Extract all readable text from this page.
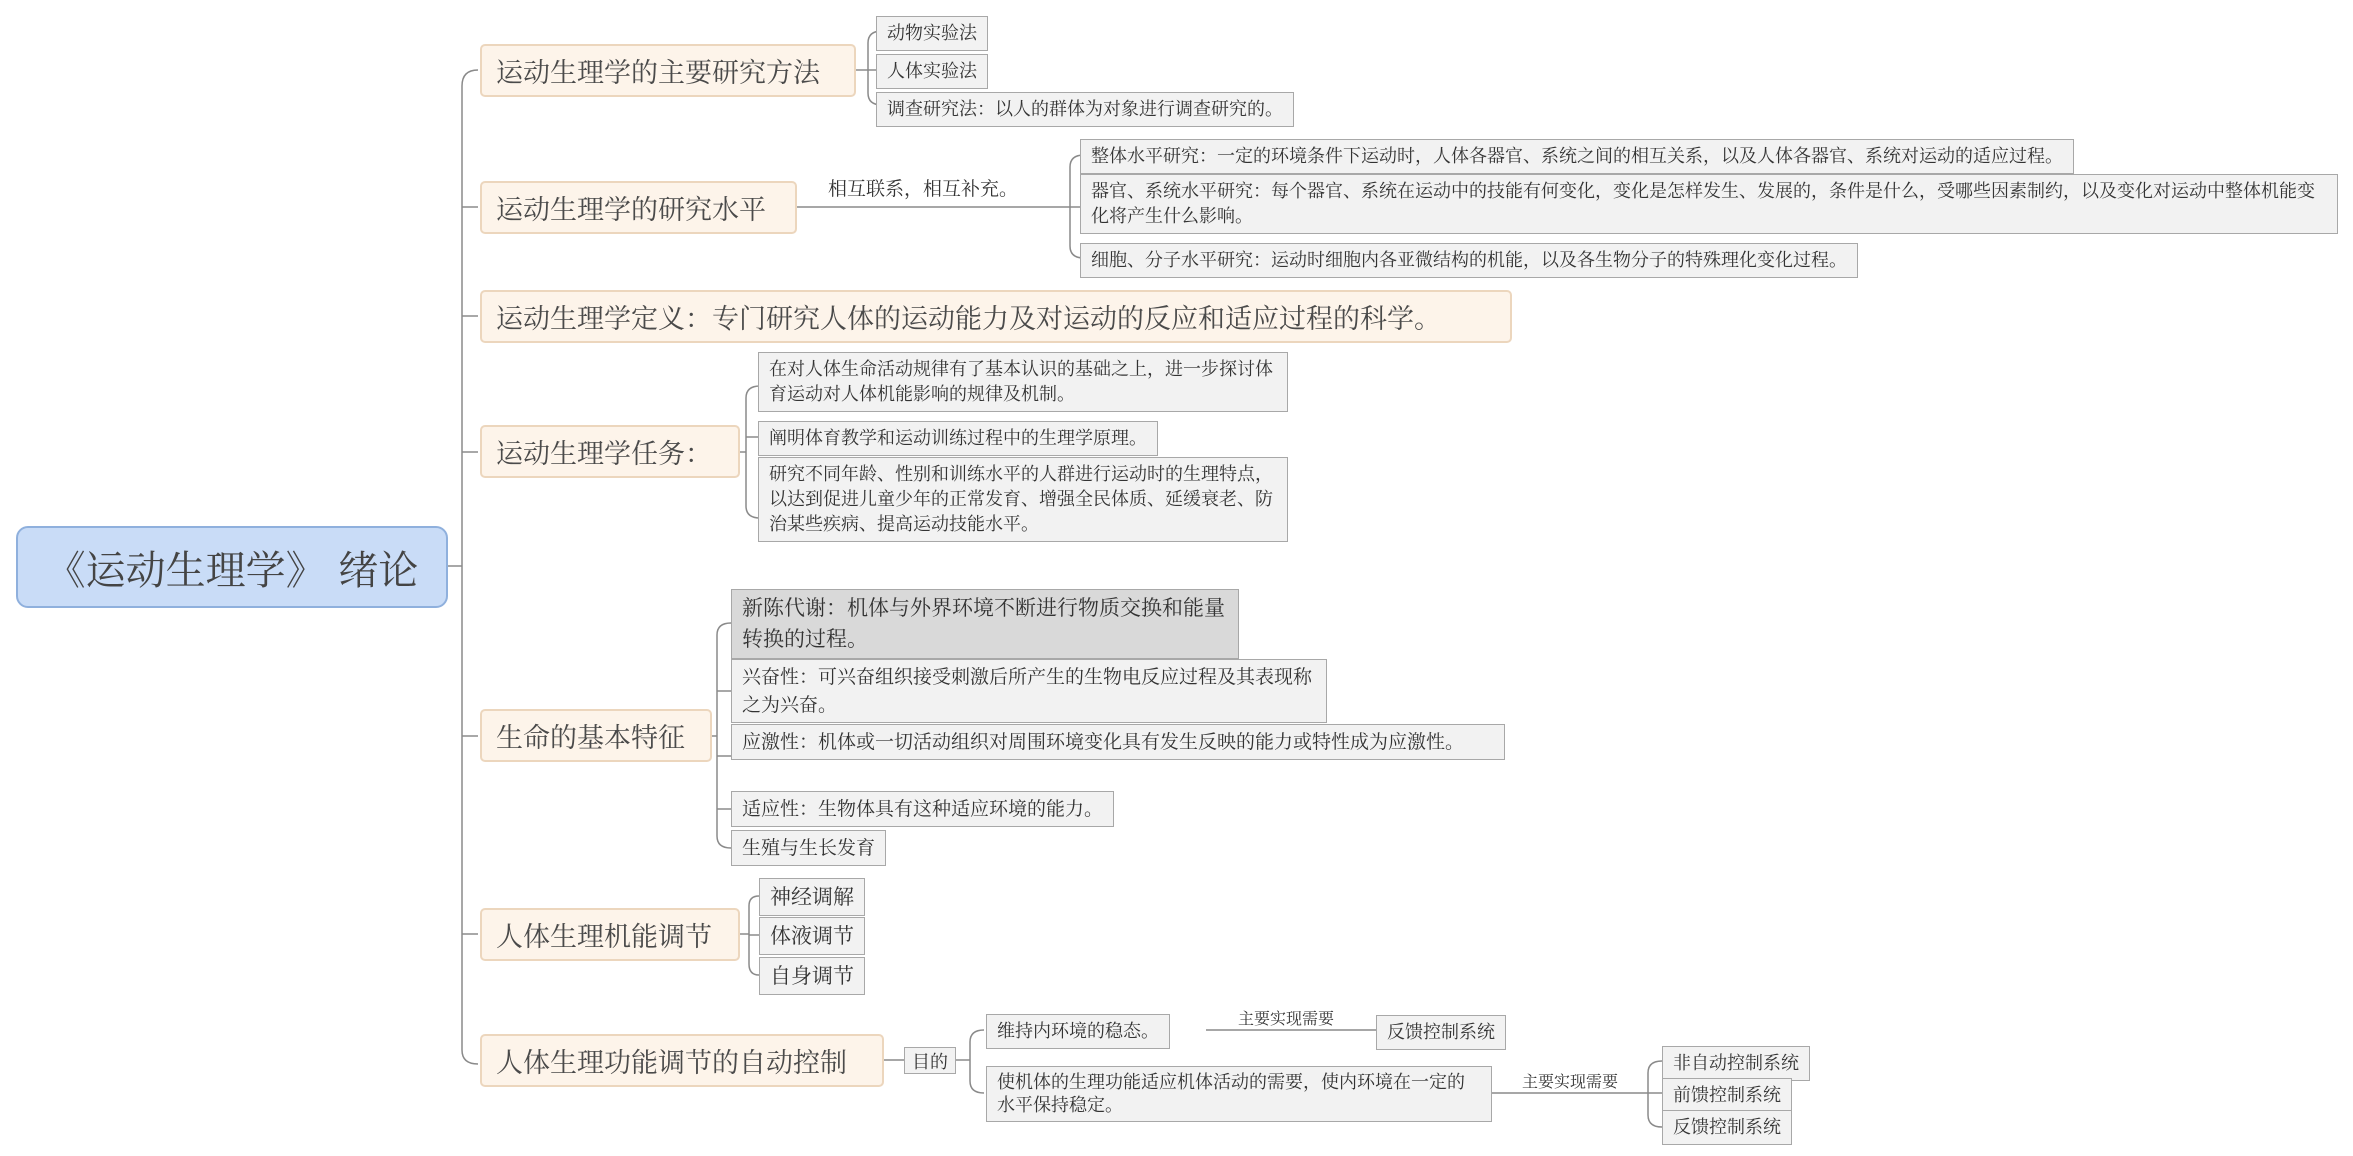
《运动生理学》 绪论
运动生理学的主要研究方法
动物实验法
人体实验法
调查研究法：以人的群体为对象进行调查研究的。
运动生理学的研究水平
相互联系，相互补充。
整体水平研究：一定的环境条件下运动时，人体各器官、系统之间的相互关系，以及人体各器官、系统对运动的适应过程。
器官、系统水平研究：每个器官、系统在运动中的技能有何变化，变化是怎样发生、发展的，条件是什么，受哪些因素制约，以及变化对运动中整体机能变化将产生什么影响。
细胞、分子水平研究：运动时细胞内各亚微结构的机能，以及各生物分子的特殊理化变化过程。
运动生理学定义：专门研究人体的运动能力及对运动的反应和适应过程的科学。
运动生理学任务：
在对人体生命活动规律有了基本认识的基础之上，进一步探讨体育运动对人体机能影响的规律及机制。
阐明体育教学和运动训练过程中的生理学原理。
研究不同年龄、性别和训练水平的人群进行运动时的生理特点，以达到促进儿童少年的正常发育、增强全民体质、延缓衰老、防治某些疾病、提高运动技能水平。
生命的基本特征
新陈代谢：机体与外界环境不断进行物质交换和能量转换的过程。
兴奋性：可兴奋组织接受刺激后所产生的生物电反应过程及其表现称之为兴奋。
应激性：机体或一切活动组织对周围环境变化具有发生反映的能力或特性成为应激性。
适应性：生物体具有这种适应环境的能力。
生殖与生长发育
人体生理机能调节
神经调解
体液调节
自身调节
人体生理功能调节的自动控制	目的
维持内环境的稳态。
主要实现需要
反馈控制系统
使机体的生理功能适应机体活动的需要，使内环境在一定的水平保持稳定。
主要实现需要
非自动控制系统
前馈控制系统
反馈控制系统
